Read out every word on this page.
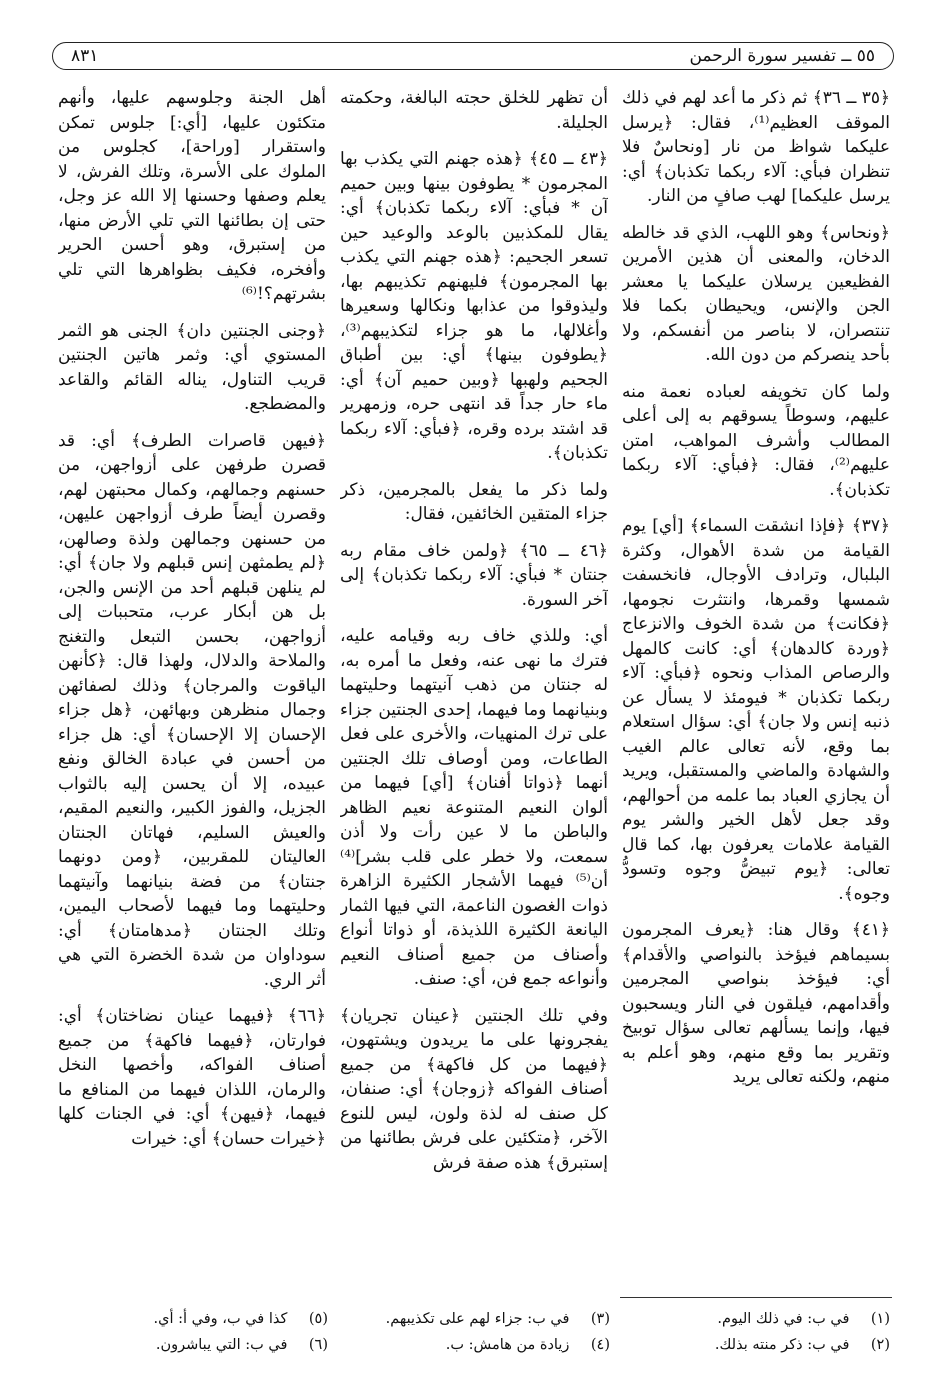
٥٥ ــ تفسير سورة الرحمن
٨٣١

﴿٣٥ ــ ٣٦﴾ ثم ذكر ما أعد لهم في ذلك الموقف العظيم⁽¹⁾، فقال: ﴿يرسل عليكما شواظ من نار [ونحاسٌ فلا تنظران فبأي: آلاء ربكما تكذبان﴾ أي: يرسل عليكما] لهب صافٍ من النار.

﴿ونحاس﴾ وهو اللهب، الذي قد خالطه الدخان، والمعنى أن هذين الأمرين الفظيعين يرسلان عليكما يا معشر الجن والإنس، ويحيطان بكما فلا تنتصران، لا بناصر من أنفسكم، ولا بأحد ينصركم من دون الله.

ولما كان تخويفه لعباده نعمة منه عليهم، وسوطاً يسوقهم به إلى أعلى المطالب وأشرف المواهب، امتن عليهم⁽²⁾، فقال: ﴿فبأي: آلاء ربكما تكذبان﴾.

﴿٣٧﴾ ﴿فإذا انشقت السماء﴾ [أي] يوم القيامة من شدة الأهوال، وكثرة البلبال، وترادف الأوجال، فانخسفت شمسها وقمرها، وانتثرت نجومها، ﴿فكانت﴾ من شدة الخوف والانزعاج ﴿وردة كالدهان﴾ أي: كانت كالمهل والرصاص المذاب ونحوه ﴿فبأي: آلاء ربكما تكذبان * فيومئذ لا يسأل عن ذنبه إنس ولا جان﴾ أي: سؤال استعلام بما وقع، لأنه تعالى عالم الغيب والشهادة والماضي والمستقبل، ويريد أن يجازي العباد بما علمه من أحوالهم، وقد جعل لأهل الخير والشر يوم القيامة علامات يعرفون بها، كما قال تعالى: ﴿يوم تبيضُّ وجوه وتسودُّ وجوه﴾.

﴿٤١﴾ وقال هنا: ﴿يعرف المجرمون بسيماهم فيؤخذ بالنواصي والأقدام﴾ أي: فيؤخذ بنواصي المجرمين وأقدامهم، فيلقون في النار ويسحبون فيها، وإنما يسألهم تعالى سؤال توبيخ وتقرير بما وقع منهم، وهو أعلم به منهم، ولكنه تعالى يريد

أن تظهر للخلق حجته البالغة، وحكمته الجليلة.

﴿٤٣ ــ ٤٥﴾ ﴿هذه جهنم التي يكذب بها المجرمون * يطوفون بينها وبين حميم آن * فبأي: آلاء ربكما تكذبان﴾ أي: يقال للمكذبين بالوعد والوعيد حين تسعر الجحيم: ﴿هذه جهنم التي يكذب بها المجرمون﴾ فليهنهم تكذيبهم بها، وليذوقوا من عذابها ونكالها وسعيرها وأغلالها، ما هو جزاء لتكذيبهم⁽³⁾، ﴿يطوفون بينها﴾ أي: بين أطباق الجحيم ولهبها ﴿وبين حميم آن﴾ أي: ماء حار جداً قد انتهى حره، وزمهرير قد اشتد برده وقره، ﴿فبأي: آلاء ربكما تكذبان﴾.

ولما ذكر ما يفعل بالمجرمين، ذكر جزاء المتقين الخائفين، فقال:

﴿٤٦ ــ ٦٥﴾ ﴿ولمن خاف مقام ربه جنتان * فبأي: آلاء ربكما تكذبان﴾ إلى آخر السورة.

أي: وللذي خاف ربه وقيامه عليه، فترك ما نهى عنه، وفعل ما أمره به، له جنتان من ذهب آنيتهما وحليتهما وبنيانهما وما فيهما، إحدى الجنتين جزاء على ترك المنهيات، والأخرى على فعل الطاعات، ومن أوصاف تلك الجنتين أنهما ﴿ذواتا أفنان﴾ [أي] فيهما من ألوان النعيم المتنوعة نعيم الظاهر والباطن ما لا عين رأت ولا أذن سمعت، ولا خطر على قلب بشر]⁽⁴⁾ أن⁽⁵⁾ فيهما الأشجار الكثيرة الزاهرة ذوات الغصون الناعمة، التي فيها الثمار اليانعة الكثيرة اللذيذة، أو ذواتا أنواع وأصناف من جميع أصناف النعيم وأنواعه جمع فن، أي: صنف.

وفي تلك الجنتين ﴿عينان تجريان﴾ يفجرونها على ما يريدون ويشتهون، ﴿فيهما من كل فاكهة﴾ من جميع أصناف الفواكه ﴿زوجان﴾ أي: صنفان، كل صنف له لذة ولون، ليس للنوع الآخر، ﴿متكئين على فرش بطائنها من إستبرق﴾ هذه صفة فرش

أهل الجنة وجلوسهم عليها، وأنهم متكئون عليها، [أي:] جلوس تمكن واستقرار [وراحة]، كجلوس من الملوك على الأسرة، وتلك الفرش، لا يعلم وصفها وحسنها إلا الله عز وجل، حتى إن بطائنها التي تلي الأرض منها، من إستبرق، وهو أحسن الحرير وأفخره، فكيف بظواهرها التي تلي بشرتهم؟!⁽⁶⁾

﴿وجنى الجنتين دان﴾ الجنى هو الثمر المستوي أي: وثمر هاتين الجنتين قريب التناول، يناله القائم والقاعد والمضطجع.

﴿فيهن قاصرات الطرف﴾ أي: قد قصرن طرفهن على أزواجهن، من حسنهم وجمالهم، وكمال محبتهن لهم، وقصرن أيضاً طرف أزواجهن عليهن، من حسنهن وجمالهن ولذة وصالهن، ﴿لم يطمثهن إنس قبلهم ولا جان﴾ أي: لم ينلهن قبلهم أحد من الإنس والجن، بل هن أبكار عرب، متحببات إلى أزواجهن، بحسن التبعل والتغنج والملاحة والدلال، ولهذا قال: ﴿كأنهن الياقوت والمرجان﴾ وذلك لصفائهن وجمال منظرهن وبهائهن، ﴿هل جزاء الإحسان إلا الإحسان﴾ أي: هل جزاء من أحسن في عبادة الخالق ونفع عبيده، إلا أن يحسن إليه بالثواب الجزيل، والفوز الكبير، والنعيم المقيم، والعيش السليم، فهاتان الجنتان العاليتان للمقربين، ﴿ومن دونهما جنتان﴾ من فضة بنيانهما وآنيتهما وحليتهما وما فيهما لأصحاب اليمين، وتلك الجنتان ﴿مدهامتان﴾ أي: سوداوان من شدة الخضرة التي هي أثر الري.

﴿٦٦﴾ ﴿فيهما عينان نضاختان﴾ أي: فوارتان، ﴿فيهما فاكهة﴾ من جميع أصناف الفواكه، وأخصها النخل والرمان، اللذان فيهما من المنافع ما فيهما، ﴿فيهن﴾ أي: في الجنات كلها ﴿خيرات حسان﴾ أي: خيرات

(١) في ب: في ذلك اليوم.
(٢) في ب: ذكر منته بذلك.
(٣) في ب: جزاء لهم على تكذيبهم.
(٤) زيادة من هامش: ب.
(٥) كذا في ب، وفي أ: أي.
(٦) في ب: التي يباشرون.
